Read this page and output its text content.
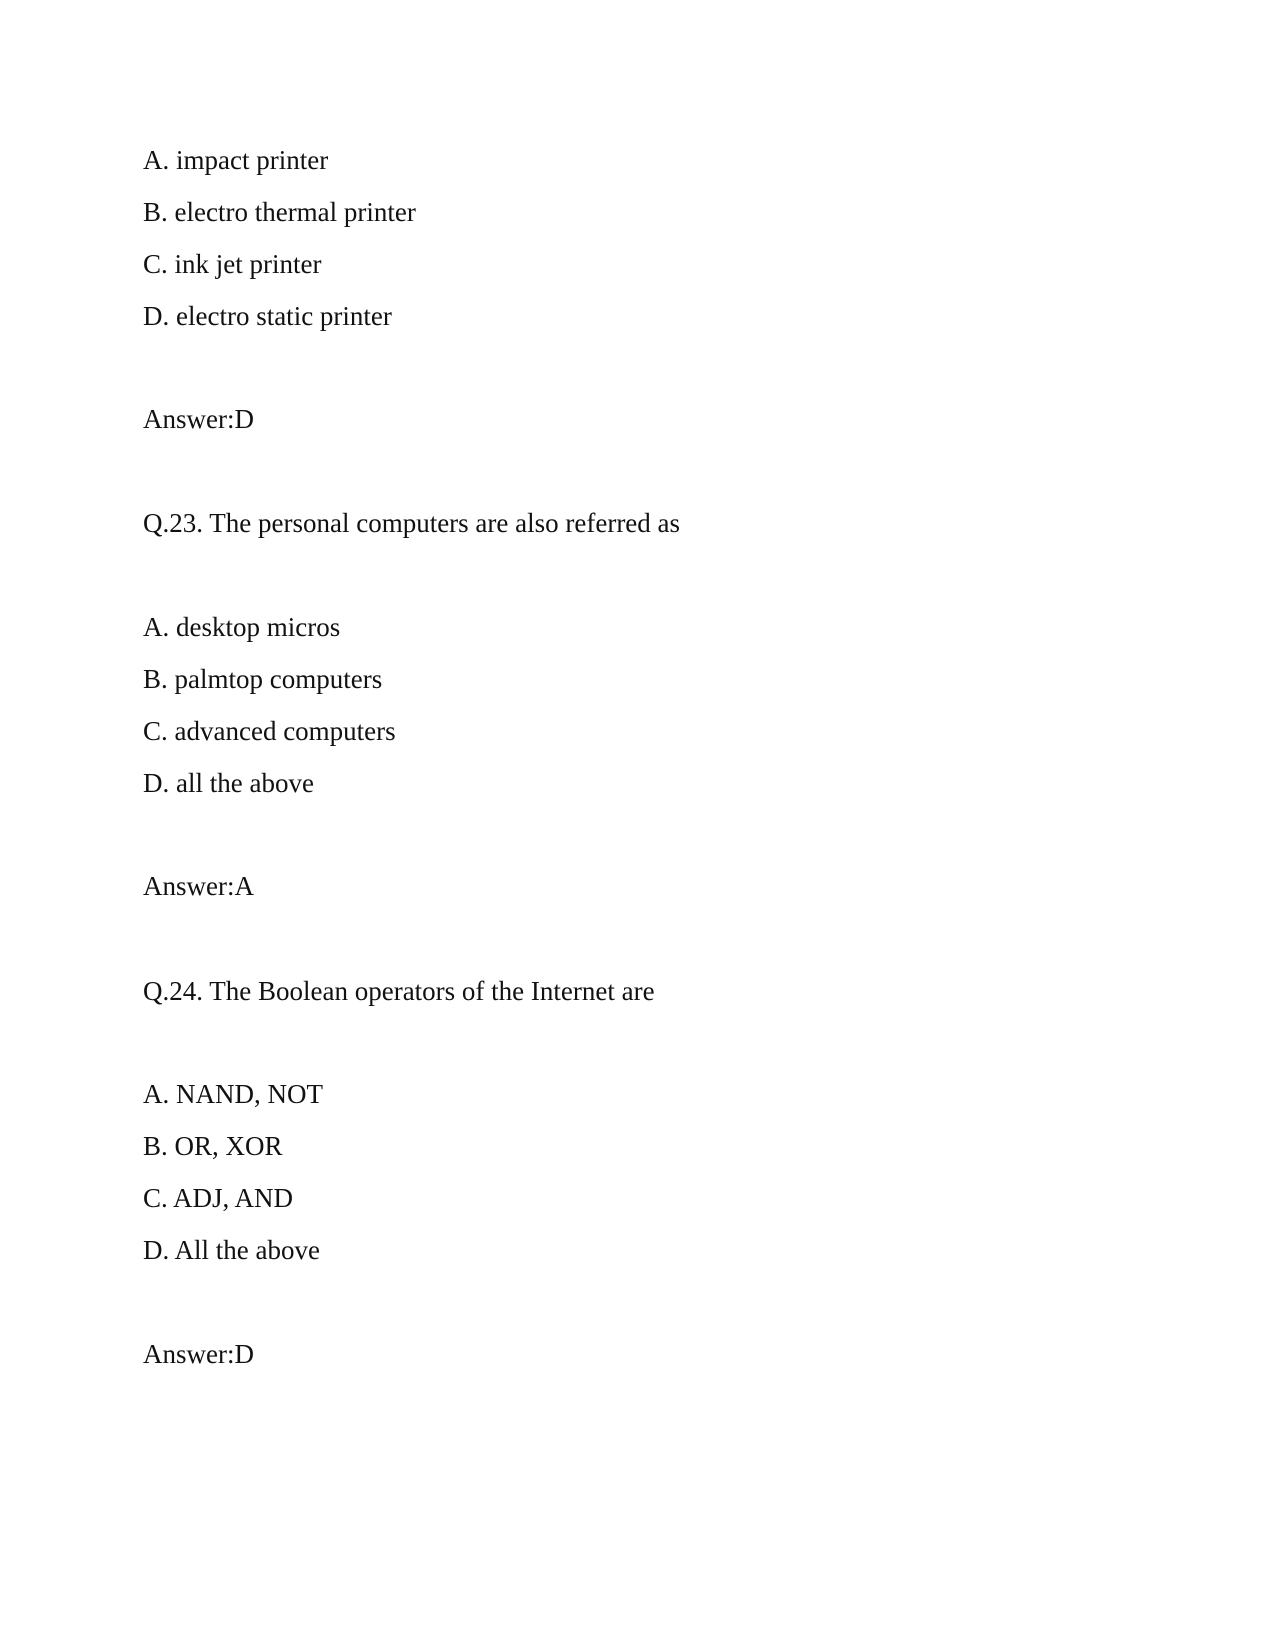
A. impact printer
B. electro thermal printer
C. ink jet printer
D. electro static printer
Answer:D
Q.23. The personal computers are also referred as
A. desktop micros
B. palmtop computers
C. advanced computers
D. all the above
Answer:A
Q.24. The Boolean operators of the Internet are
A. NAND, NOT
B. OR, XOR
C. ADJ, AND
D. All the above
Answer:D
